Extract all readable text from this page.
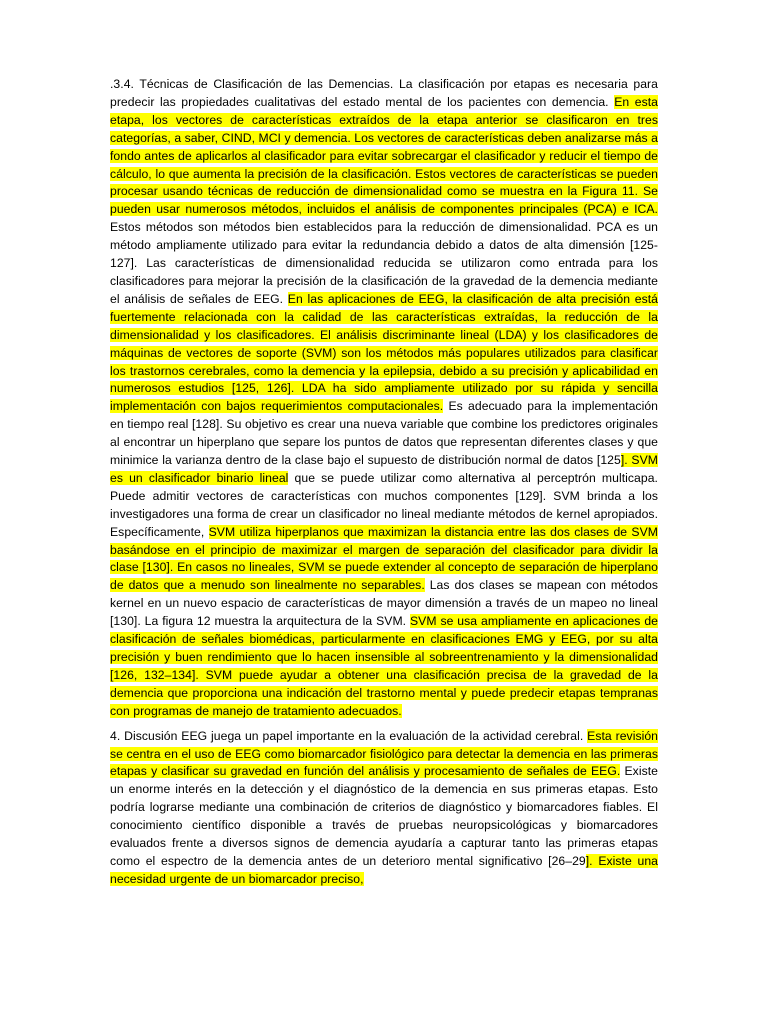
.3.4. Técnicas de Clasificación de las Demencias. La clasificación por etapas es necesaria para predecir las propiedades cualitativas del estado mental de los pacientes con demencia. En esta etapa, los vectores de características extraídos de la etapa anterior se clasificaron en tres categorías, a saber, CIND, MCI y demencia. Los vectores de características deben analizarse más a fondo antes de aplicarlos al clasificador para evitar sobrecargar el clasificador y reducir el tiempo de cálculo, lo que aumenta la precisión de la clasificación. Estos vectores de características se pueden procesar usando técnicas de reducción de dimensionalidad como se muestra en la Figura 11. Se pueden usar numerosos métodos, incluidos el análisis de componentes principales (PCA) e ICA. Estos métodos son métodos bien establecidos para la reducción de dimensionalidad. PCA es un método ampliamente utilizado para evitar la redundancia debido a datos de alta dimensión [125-127]. Las características de dimensionalidad reducida se utilizaron como entrada para los clasificadores para mejorar la precisión de la clasificación de la gravedad de la demencia mediante el análisis de señales de EEG. En las aplicaciones de EEG, la clasificación de alta precisión está fuertemente relacionada con la calidad de las características extraídas, la reducción de la dimensionalidad y los clasificadores. El análisis discriminante lineal (LDA) y los clasificadores de máquinas de vectores de soporte (SVM) son los métodos más populares utilizados para clasificar los trastornos cerebrales, como la demencia y la epilepsia, debido a su precisión y aplicabilidad en numerosos estudios [125, 126]. LDA ha sido ampliamente utilizado por su rápida y sencilla implementación con bajos requerimientos computacionales. Es adecuado para la implementación en tiempo real [128]. Su objetivo es crear una nueva variable que combine los predictores originales al encontrar un hiperplano que separe los puntos de datos que representan diferentes clases y que minimice la varianza dentro de la clase bajo el supuesto de distribución normal de datos [125]. SVM es un clasificador binario lineal que se puede utilizar como alternativa al perceptrón multicapa. Puede admitir vectores de características con muchos componentes [129]. SVM brinda a los investigadores una forma de crear un clasificador no lineal mediante métodos de kernel apropiados. Específicamente, SVM utiliza hiperplanos que maximizan la distancia entre las dos clases de SVM basándose en el principio de maximizar el margen de separación del clasificador para dividir la clase [130]. En casos no lineales, SVM se puede extender al concepto de separación de hiperplano de datos que a menudo son linealmente no separables. Las dos clases se mapean con métodos kernel en un nuevo espacio de características de mayor dimensión a través de un mapeo no lineal [130]. La figura 12 muestra la arquitectura de la SVM. SVM se usa ampliamente en aplicaciones de clasificación de señales biomédicas, particularmente en clasificaciones EMG y EEG, por su alta precisión y buen rendimiento que lo hacen insensible al sobreentrenamiento y la dimensionalidad [126, 132–134]. SVM puede ayudar a obtener una clasificación precisa de la gravedad de la demencia que proporciona una indicación del trastorno mental y puede predecir etapas tempranas con programas de manejo de tratamiento adecuados.

4. Discusión EEG juega un papel importante en la evaluación de la actividad cerebral. Esta revisión se centra en el uso de EEG como biomarcador fisiológico para detectar la demencia en las primeras etapas y clasificar su gravedad en función del análisis y procesamiento de señales de EEG. Existe un enorme interés en la detección y el diagnóstico de la demencia en sus primeras etapas. Esto podría lograrse mediante una combinación de criterios de diagnóstico y biomarcadores fiables. El conocimiento científico disponible a través de pruebas neuropsicológicas y biomarcadores evaluados frente a diversos signos de demencia ayudaría a capturar tanto las primeras etapas como el espectro de la demencia antes de un deterioro mental significativo [26–29]. Existe una necesidad urgente de un biomarcador preciso,
